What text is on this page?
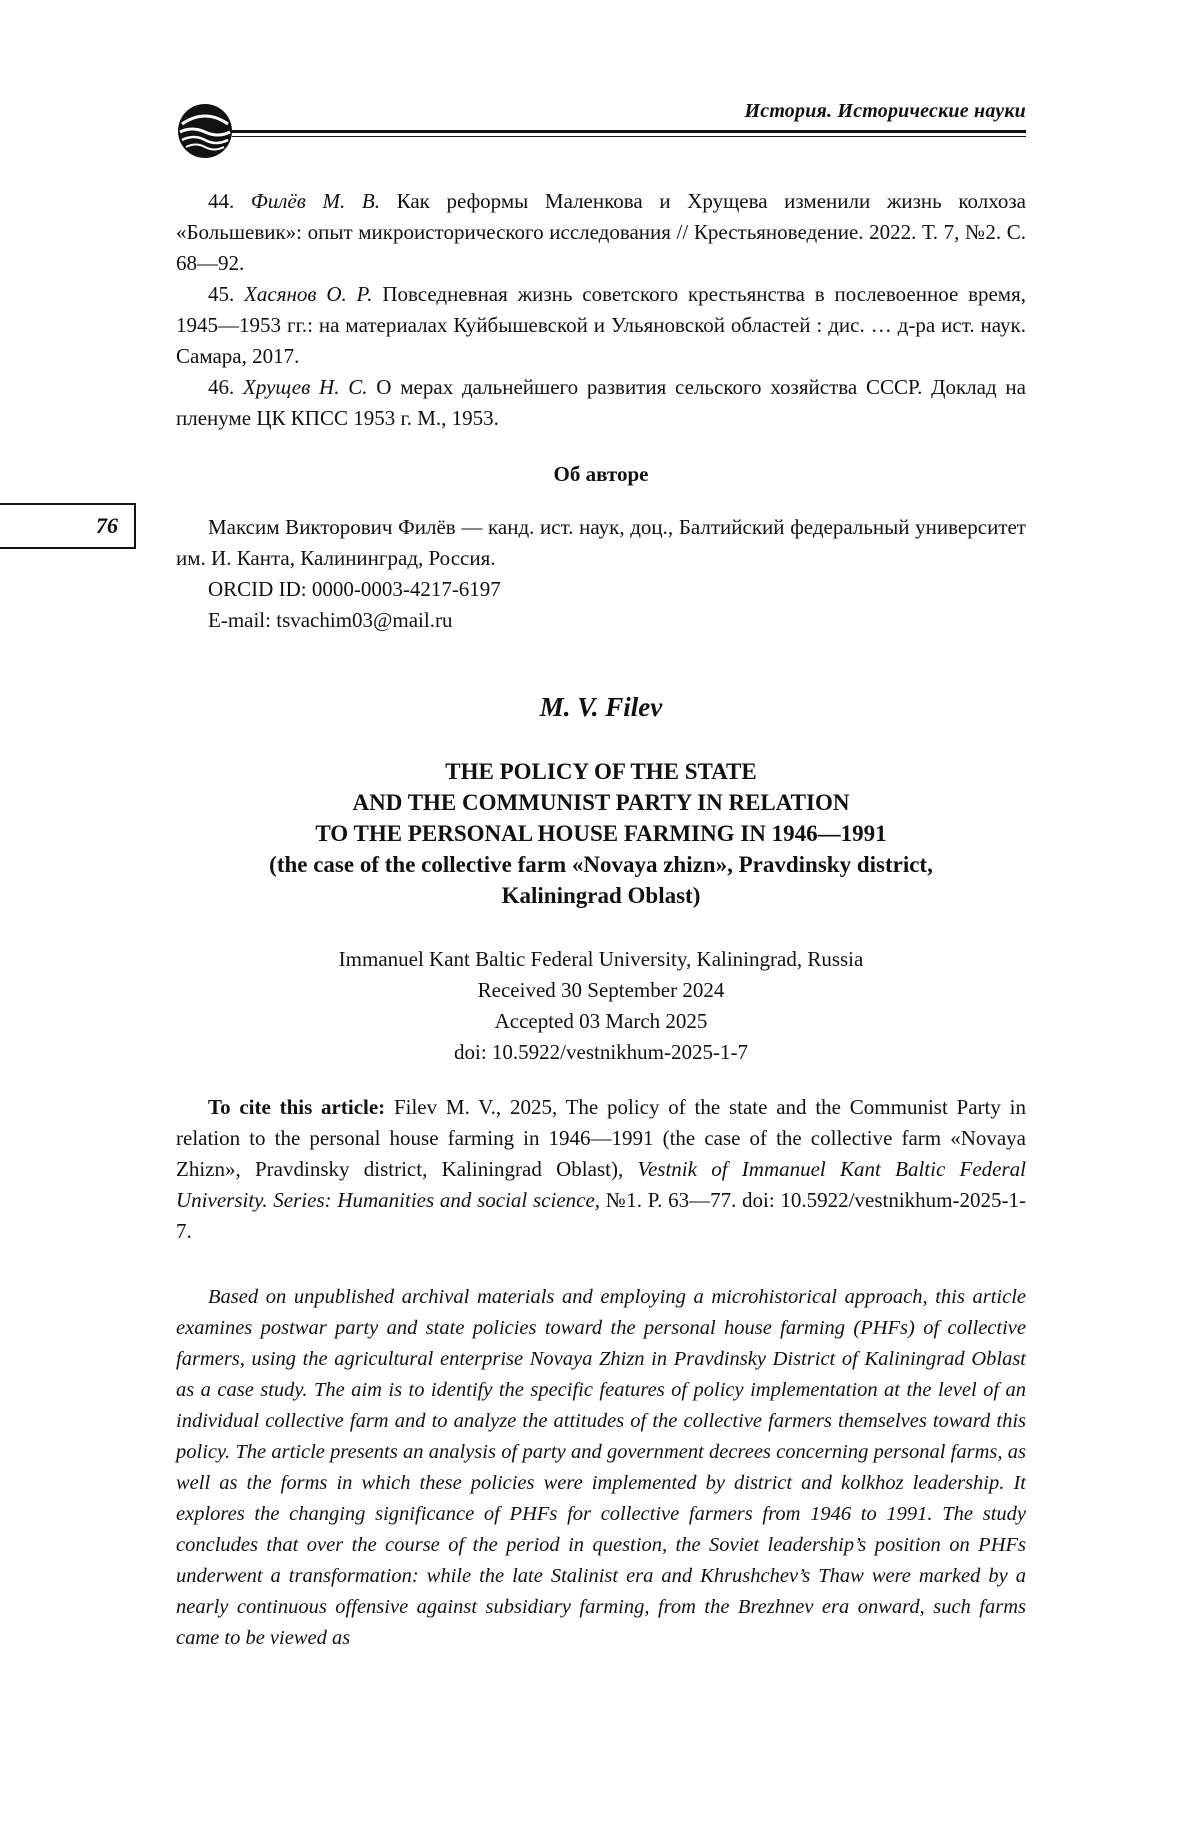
История. Исторические науки
76

44. Филёв М. В. Как реформы Маленкова и Хрущева изменили жизнь колхоза «Большевик»: опыт микроисторического исследования // Крестьяноведение. 2022. Т. 7, №2. С. 68—92.

45. Хасянов О. Р. Повседневная жизнь советского крестьянства в послевоенное время, 1945—1953 гг.: на материалах Куйбышевской и Ульяновской областей : дис. … д-ра ист. наук. Самара, 2017.

46. Хрущев Н. С. О мерах дальнейшего развития сельского хозяйства СССР. Доклад на пленуме ЦК КПСС 1953 г. М., 1953.

Об авторе

Максим Викторович Филёв — канд. ист. наук, доц., Балтийский федеральный университет им. И. Канта, Калининград, Россия.

ORCID ID: 0000-0003-4217-6197

E-mail: tsvachim03@mail.ru

M. V. Filev
THE POLICY OF THE STATE
AND THE COMMUNIST PARTY IN RELATION
TO THE PERSONAL HOUSE FARMING IN 1946—1991
(the case of the collective farm «Novaya zhizn», Pravdinsky district,
Kaliningrad Oblast)
Immanuel Kant Baltic Federal University, Kaliningrad, Russia
Received 30 September 2024
Accepted 03 March 2025
doi: 10.5922/vestnikhum-2025-1-7

To cite this article: Filev M. V., 2025, The policy of the state and the Communist Party in relation to the personal house farming in 1946—1991 (the case of the collective farm «Novaya Zhizn», Pravdinsky district, Kaliningrad Oblast), Vestnik of Immanuel Kant Baltic Federal University. Series: Humanities and social science, №1. P. 63—77. doi: 10.5922/vestnikhum-2025-1-7.

Based on unpublished archival materials and employing a microhistorical approach, this article examines postwar party and state policies toward the personal house farming (PHFs) of collective farmers, using the agricultural enterprise Novaya Zhizn in Pravdinsky District of Kaliningrad Oblast as a case study. The aim is to identify the specific features of policy implementation at the level of an individual collective farm and to analyze the attitudes of the collective farmers themselves toward this policy. The article presents an analysis of party and government decrees concerning personal farms, as well as the forms in which these policies were implemented by district and kolkhoz leadership. It explores the changing significance of PHFs for collective farmers from 1946 to 1991. The study concludes that over the course of the period in question, the Soviet leadership’s position on PHFs underwent a transformation: while the late Stalinist era and Khrushchev’s Thaw were marked by a nearly continuous offensive against subsidiary farming, from the Brezhnev era onward, such farms came to be viewed as
